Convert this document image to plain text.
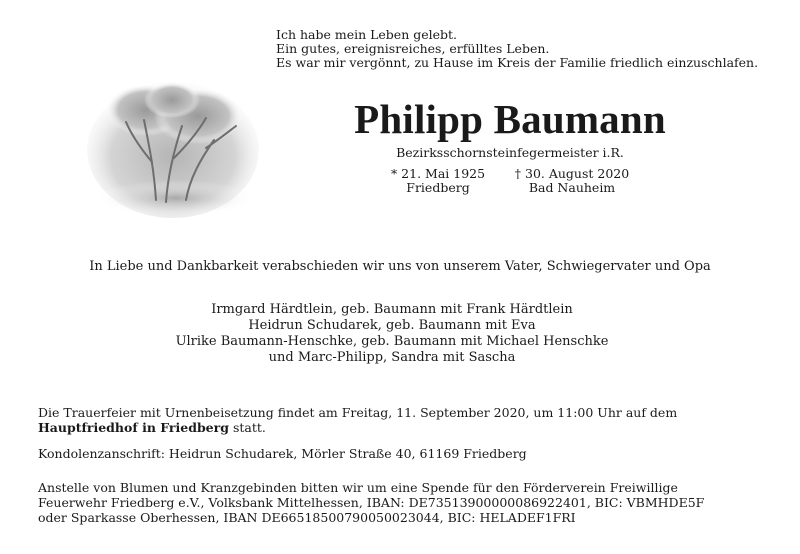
Ich habe mein Leben gelebt.
Ein gutes, ereignisreiches, erfülltes Leben.
Es war mir vergönnt, zu Hause im Kreis der Familie friedlich einzuschlafen.
Philipp Baumann
Bezirksschornsteinfegermeister i.R.
* 21. Mai 1925
Friedberg
† 30. August 2020
Bad Nauheim
In Liebe und Dankbarkeit verabschieden wir uns von unserem Vater, Schwiegervater und Opa
Irmgard Härdtlein, geb. Baumann mit Frank Härdtlein
Heidrun Schudarek, geb. Baumann mit Eva
Ulrike Baumann-Henschke, geb. Baumann mit Michael Henschke
und Marc-Philipp, Sandra mit Sascha
Die Trauerfeier mit Urnenbeisetzung findet am Freitag, 11. September 2020, um 11:00 Uhr auf dem
Hauptfriedhof in Friedberg statt.
Kondolenzanschrift: Heidrun Schudarek, Mörler Straße 40, 61169 Friedberg
Anstelle von Blumen und Kranzgebinden bitten wir um eine Spende für den Förderverein Freiwillige
Feuerwehr Friedberg e.V., Volksbank Mittelhessen, IBAN: DE73513900000086922401, BIC: VBMHDE5F
oder Sparkasse Oberhessen, IBAN DE66518500790050023044, BIC: HELADEF1FRI
